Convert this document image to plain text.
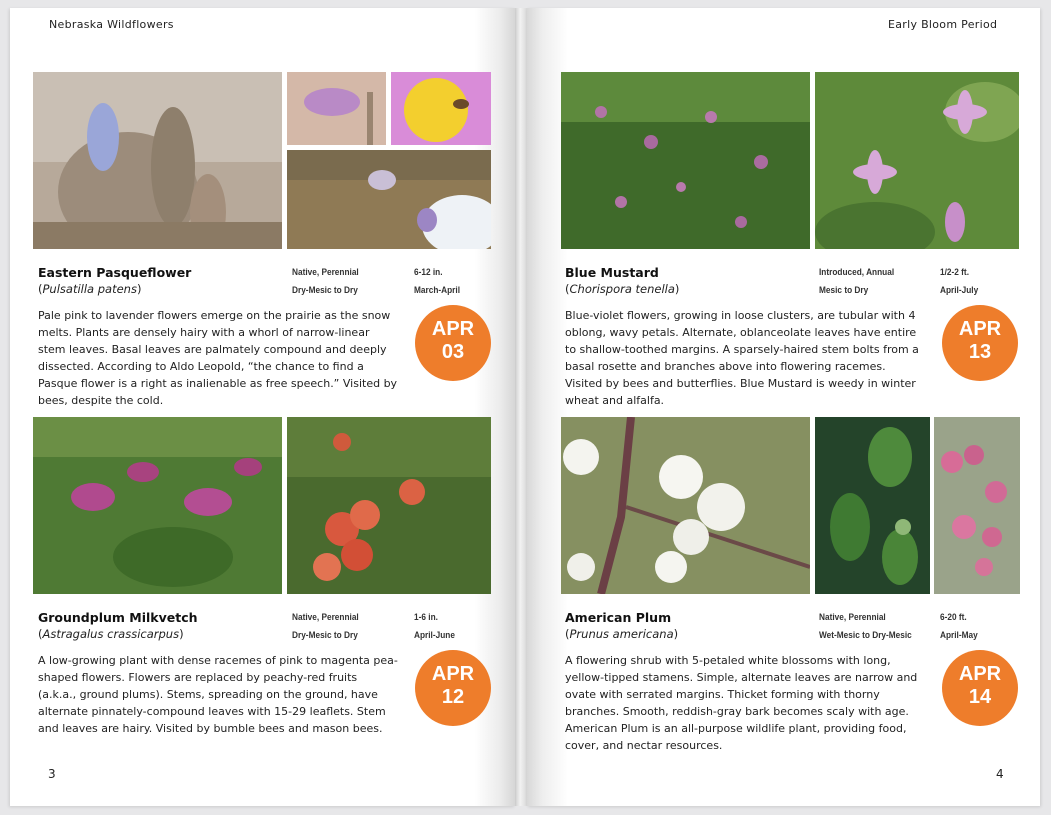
Nebraska Wildflowers
Eastern Pasqueflower
(Pulsatilla patens)
Native, Perennial
Dry-Mesic to Dry
6-12 in.
March-April
Pale pink to lavender flowers emerge on the prairie as the snow melts. Plants are densely hairy with a whorl of narrow-linear stem leaves. Basal leaves are palmately compound and deeply dissected. According to Aldo Leopold, “the chance to find a Pasque flower is a right as inalienable as free speech.” Visited by bees, despite the cold.
APR
03
Groundplum Milkvetch
(Astragalus crassicarpus)
Native, Perennial
Dry-Mesic to Dry
1-6 in.
April-June
A low-growing plant with dense racemes of pink to magenta pea-shaped flowers. Flowers are replaced by peachy-red fruits (a.k.a., ground plums). Stems, spreading on the ground, have alternate pinnately-compound leaves with 15-29 leaflets. Stem and leaves are hairy. Visited by bumble bees and mason bees.
APR
12
3
Early Bloom Period
Blue Mustard
(Chorispora tenella)
Introduced, Annual
Mesic to Dry
1/2-2 ft.
April-July
Blue-violet flowers, growing in loose clusters, are tubular with 4 oblong, wavy petals. Alternate, oblanceolate leaves have entire to shallow-toothed margins. A sparsely-haired stem bolts from a basal rosette and branches above into flowering racemes. Visited by bees and butterflies. Blue Mustard is weedy in winter wheat and alfalfa.
APR
13
American Plum
(Prunus americana)
Native, Perennial
Wet-Mesic to Dry-Mesic
6-20 ft.
April-May
A flowering shrub with 5-petaled white blossoms with long, yellow-tipped stamens. Simple, alternate leaves are narrow and ovate with serrated margins. Thicket forming with thorny branches. Smooth, reddish-gray bark becomes scaly with age. American Plum is an all-purpose wildlife plant, providing food, cover, and nectar resources.
APR
14
4
